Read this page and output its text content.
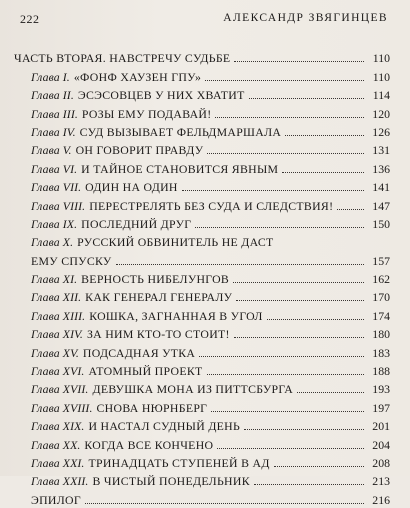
222	АЛЕКСАНДР ЗВЯГИНЦЕВ
ЧАСТЬ ВТОРАЯ. НАВСТРЕЧУ СУДЬБЕ	110
Глава I. «ФОНФ ХАУЗЕН ГПУ»	110
Глава II. ЭСЭСОВЦЕВ У НИХ ХВАТИТ	114
Глава III. РОЗЫ ЕМУ ПОДАВАЙ!	120
Глава IV. СУД ВЫЗЫВАЕТ ФЕЛЬДМАРШАЛА	126
Глава V. ОН ГОВОРИТ ПРАВДУ	131
Глава VI. И ТАЙНОЕ СТАНОВИТСЯ ЯВНЫМ	136
Глава VII. ОДИН НА ОДИН	141
Глава VIII. ПЕРЕСТРЕЛЯТЬ БЕЗ СУДА И СЛЕДСТВИЯ!	147
Глава IX. ПОСЛЕДНИЙ ДРУГ	150
Глава X. РУССКИЙ ОБВИНИТЕЛЬ НЕ ДАСТ
ЕМУ СПУСКУ	157
Глава XI. ВЕРНОСТЬ НИБЕЛУНГОВ	162
Глава XII. КАК ГЕНЕРАЛ ГЕНЕРАЛУ	170
Глава XIII. КОШКА, ЗАГНАННАЯ В УГОЛ	174
Глава XIV. ЗА НИМ КТО-ТО СТОИТ!	180
Глава XV. ПОДСАДНАЯ УТКА	183
Глава XVI. АТОМНЫЙ ПРОЕКТ	188
Глава XVII. ДЕВУШКА МОНА ИЗ ПИТТСБУРГА	193
Глава XVIII. СНОВА НЮРНБЕРГ	197
Глава XIX. И НАСТАЛ СУДНЫЙ ДЕНЬ	201
Глава XX. КОГДА ВСЕ КОНЧЕНО	204
Глава XXI. ТРИНАДЦАТЬ СТУПЕНЕЙ В АД	208
Глава XXII. В ЧИСТЫЙ ПОНЕДЕЛЬНИК	213
ЭПИЛОГ	216
